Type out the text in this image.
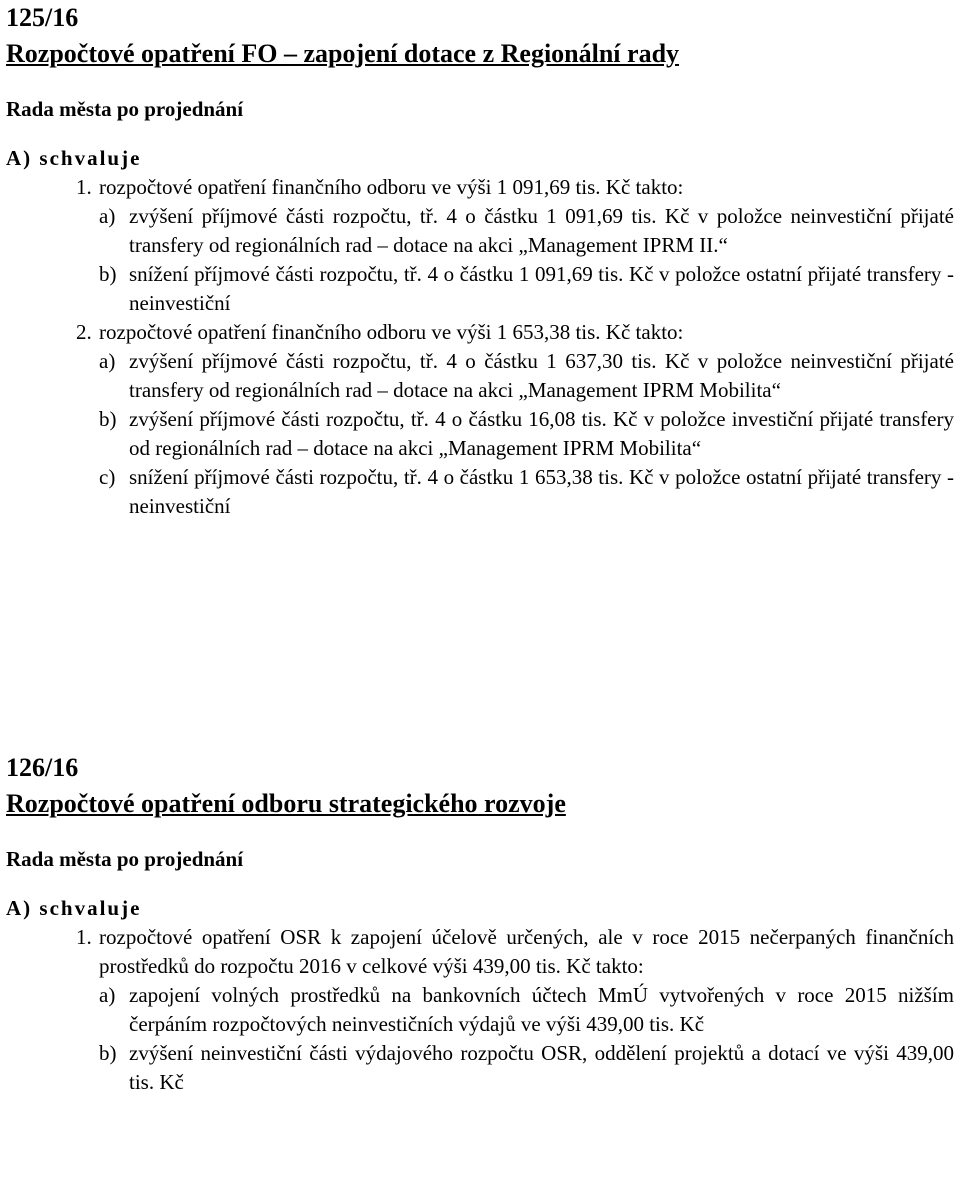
125/16
Rozpočtové opatření FO – zapojení dotace z Regionální rady
Rada města po projednání
A) schvaluje
1. rozpočtové opatření finančního odboru ve výši 1 091,69 tis. Kč takto:
a) zvýšení příjmové části rozpočtu, tř. 4 o částku 1 091,69 tis. Kč v položce neinvestiční přijaté transfery od regionálních rad – dotace na akci „Management IPRM II.“
b) snížení příjmové části rozpočtu, tř. 4 o částku 1 091,69 tis. Kč v položce ostatní přijaté transfery - neinvestiční
2. rozpočtové opatření finančního odboru ve výši 1 653,38 tis. Kč takto:
a) zvýšení příjmové části rozpočtu, tř. 4 o částku 1 637,30 tis. Kč v položce neinvestiční přijaté transfery od regionálních rad – dotace na akci „Management IPRM Mobilita“
b) zvýšení příjmové části rozpočtu, tř. 4 o částku 16,08 tis. Kč v položce investiční přijaté transfery od regionálních rad – dotace na akci „Management IPRM Mobilita“
c) snížení příjmové části rozpočtu, tř. 4 o částku 1 653,38 tis. Kč v položce ostatní přijaté transfery - neinvestiční
126/16
Rozpočtové opatření odboru strategického rozvoje
Rada města po projednání
A) schvaluje
1. rozpočtové opatření OSR k zapojení účelově určených, ale v roce 2015 nečerpaných finančních prostředků do rozpočtu 2016 v celkové výši 439,00 tis. Kč takto:
a) zapojení volných prostředků na bankovních účtech MmÚ vytvořených v roce 2015 nižším čerpáním rozpočtových neinvestičních výdajů ve výši 439,00 tis. Kč
b) zvýšení neinvestiční části výdajového rozpočtu OSR, oddělení projektů a dotací ve výši 439,00 tis. Kč
